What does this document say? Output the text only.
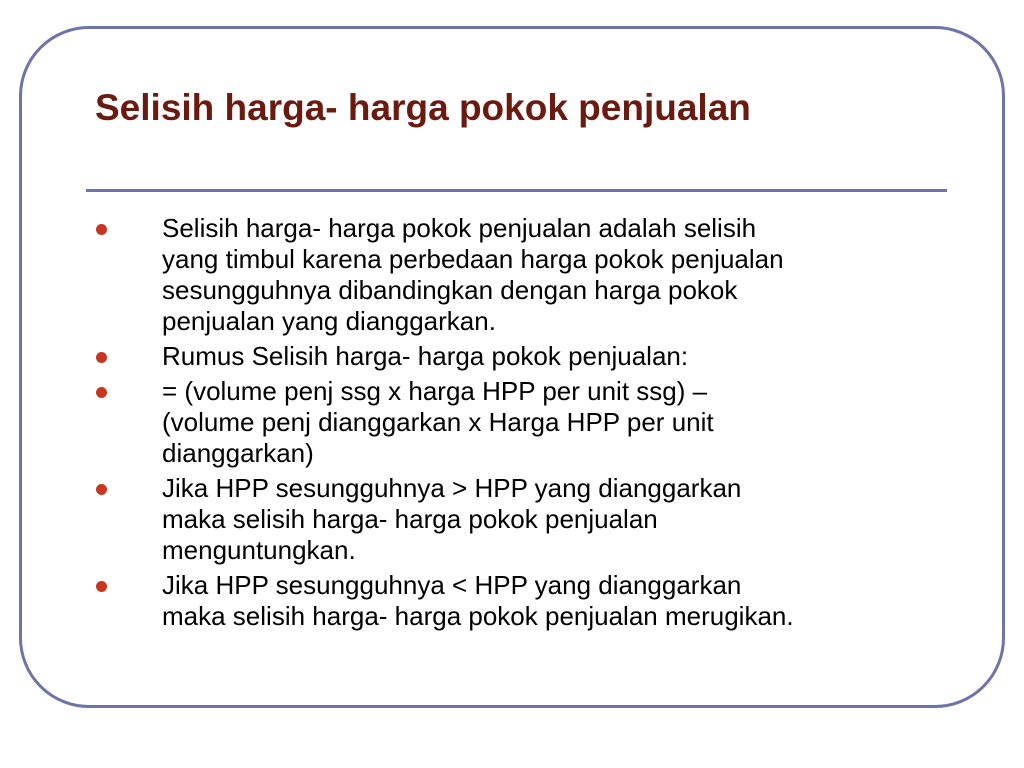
Selisih harga- harga pokok penjualan
Selisih harga- harga pokok penjualan adalah selisih
yang timbul karena perbedaan harga pokok penjualan
sesungguhnya dibandingkan dengan harga pokok
penjualan yang dianggarkan.
Rumus Selisih harga- harga pokok penjualan:
= (volume penj ssg x harga HPP per unit ssg) –
(volume penj dianggarkan x Harga HPP per unit
dianggarkan)
Jika HPP sesungguhnya > HPP yang dianggarkan
maka selisih harga- harga pokok penjualan
menguntungkan.
Jika HPP sesungguhnya < HPP yang dianggarkan
maka selisih harga- harga pokok penjualan merugikan.
